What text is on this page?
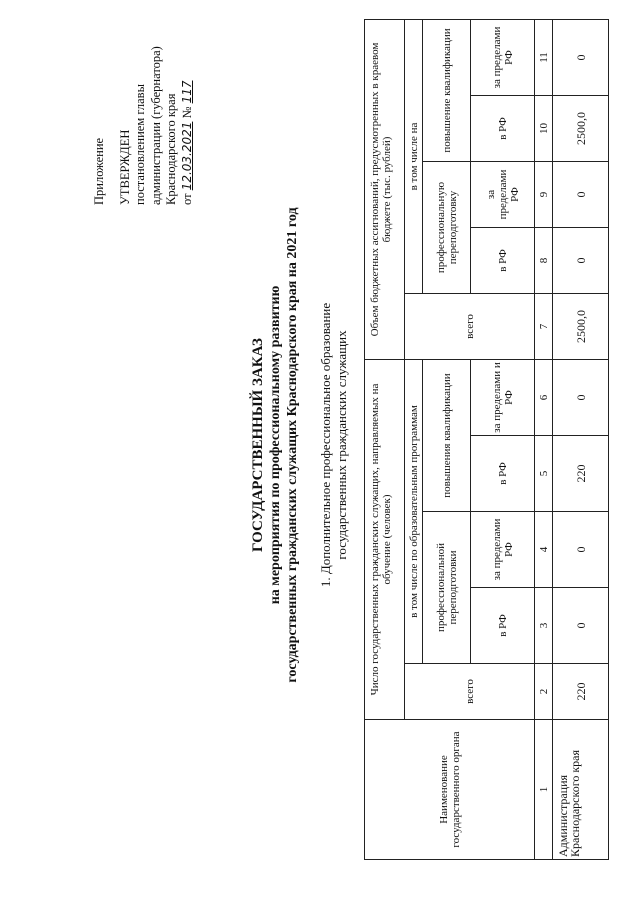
Приложение УТВЕРЖДЕН постановлением главы администрации (губернатора) Краснодарского края от 12.03.2021 № 117
ГОСУДАРСТВЕННЫЙ ЗАКАЗ на мероприятия по профессиональному развитию государственных гражданских служащих Краснодарского края на 2021 год 1. Дополнительное профессиональное образование государственных гражданских служащих
Наименование государственного органа	Число государственных гражданских служащих, направляемых на обучение (человек)					Объем бюджетных ассигнований, предусмотренных в краевом бюджете (тыс. рублей)				
	всего	в том числе по образовательным программам				всего	в том числе на			
		профессиональной переподготовки		повышения квалификации			профессиональную переподготовку		повышение квалификации	
		в РФ	за пределами РФ	в РФ	за пределами и РФ		в РФ	за пределами РФ	в РФ	за пределами РФ
1	2	3	4	5	6	7	8	9	10	11
Администрация Краснодарского края	220	0	0	220	0	2500,0	0	0	2500,0	0
